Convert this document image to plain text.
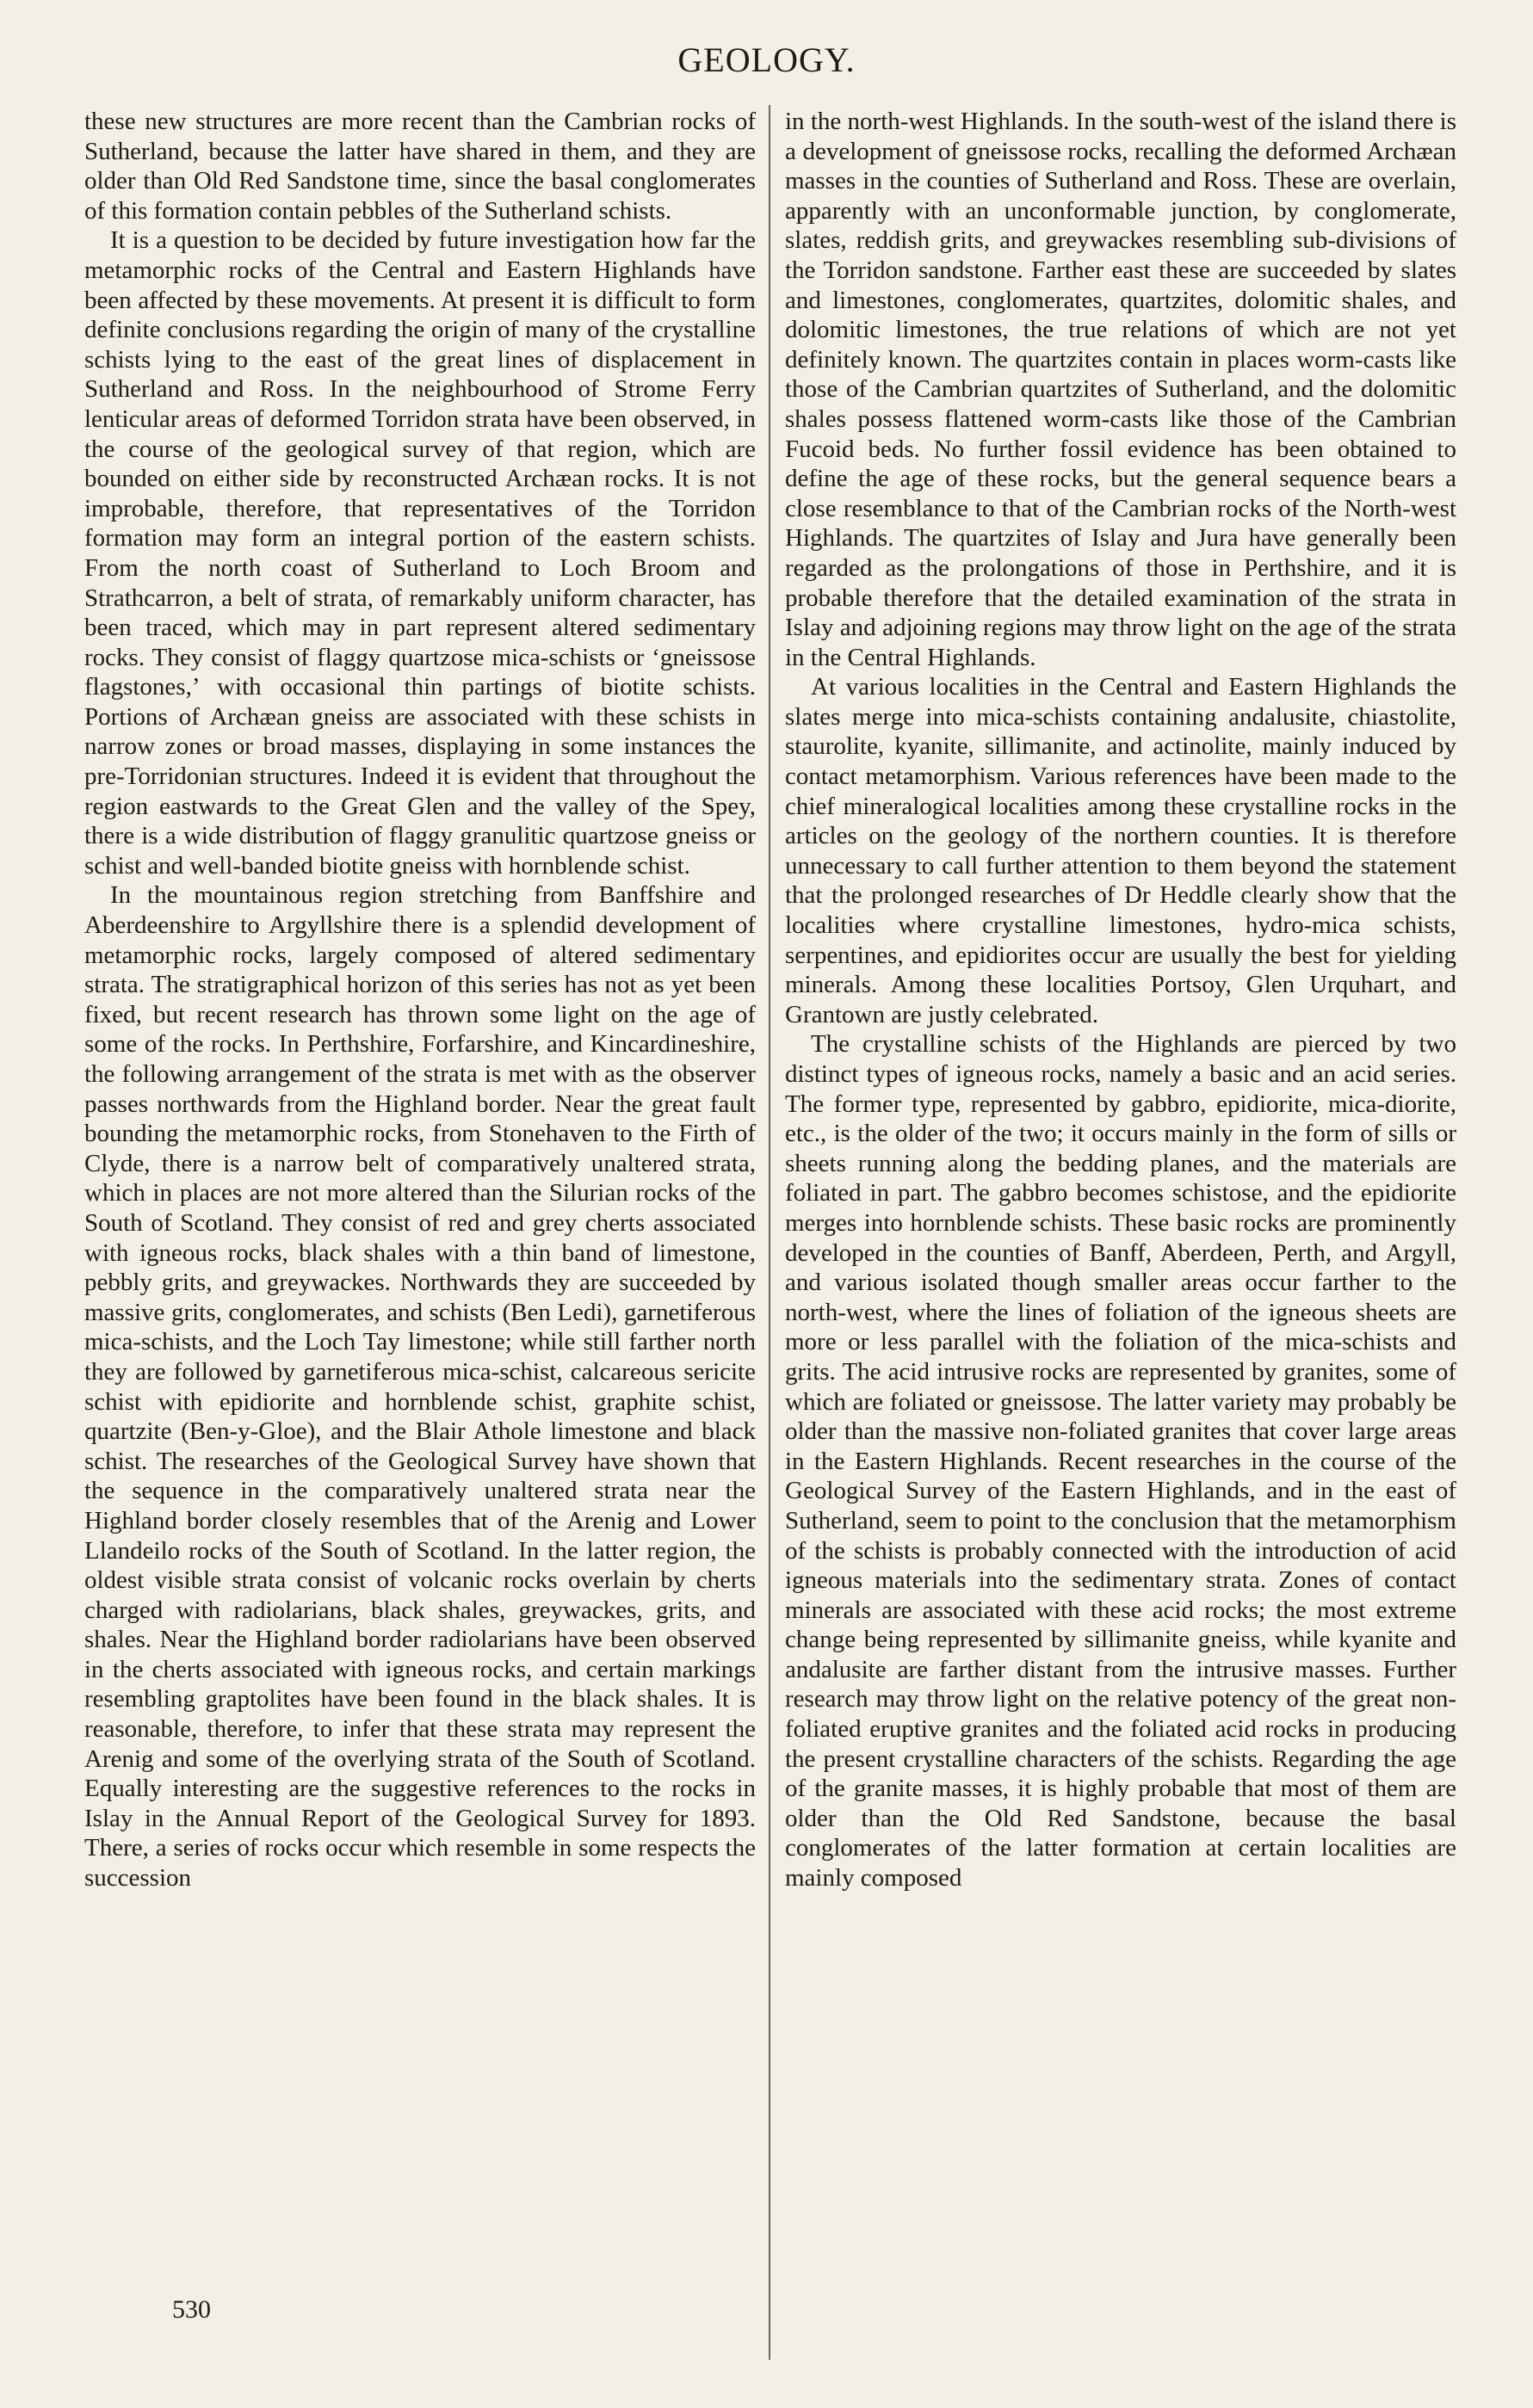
GEOLOGY.

these new structures are more recent than the Cambrian rocks of Sutherland, because the latter have shared in them, and they are older than Old Red Sandstone time, since the basal conglomerates of this formation contain pebbles of the Sutherland schists.

It is a question to be decided by future investigation how far the metamorphic rocks of the Central and Eastern Highlands have been affected by these movements. At present it is difficult to form definite conclusions regarding the origin of many of the crystalline schists lying to the east of the great lines of displacement in Sutherland and Ross. In the neighbourhood of Strome Ferry lenticular areas of deformed Torridon strata have been observed, in the course of the geological survey of that region, which are bounded on either side by reconstructed Archæan rocks. It is not improbable, therefore, that representatives of the Torridon formation may form an integral portion of the eastern schists. From the north coast of Sutherland to Loch Broom and Strathcarron, a belt of strata, of remarkably uniform character, has been traced, which may in part represent altered sedimentary rocks. They consist of flaggy quartzose mica-schists or ‘gneissose flagstones,’ with occasional thin partings of biotite schists. Portions of Archæan gneiss are associated with these schists in narrow zones or broad masses, displaying in some instances the pre-Torridonian structures. Indeed it is evident that throughout the region eastwards to the Great Glen and the valley of the Spey, there is a wide distribution of flaggy granulitic quartzose gneiss or schist and well-banded biotite gneiss with hornblende schist.

In the mountainous region stretching from Banffshire and Aberdeenshire to Argyllshire there is a splendid development of metamorphic rocks, largely composed of altered sedimentary strata. The stratigraphical horizon of this series has not as yet been fixed, but recent research has thrown some light on the age of some of the rocks. In Perthshire, Forfarshire, and Kincardineshire, the following arrangement of the strata is met with as the observer passes northwards from the Highland border. Near the great fault bounding the metamorphic rocks, from Stonehaven to the Firth of Clyde, there is a narrow belt of comparatively unaltered strata, which in places are not more altered than the Silurian rocks of the South of Scotland. They consist of red and grey cherts associated with igneous rocks, black shales with a thin band of limestone, pebbly grits, and greywackes. Northwards they are succeeded by massive grits, conglomerates, and schists (Ben Ledi), garnetiferous mica-schists, and the Loch Tay limestone; while still farther north they are followed by garnetiferous mica-schist, calcareous sericite schist with epidiorite and hornblende schist, graphite schist, quartzite (Ben-y-Gloe), and the Blair Athole limestone and black schist. The researches of the Geological Survey have shown that the sequence in the comparatively unaltered strata near the Highland border closely resembles that of the Arenig and Lower Llandeilo rocks of the South of Scotland. In the latter region, the oldest visible strata consist of volcanic rocks overlain by cherts charged with radiolarians, black shales, greywackes, grits, and shales. Near the Highland border radiolarians have been observed in the cherts associated with igneous rocks, and certain markings resembling graptolites have been found in the black shales. It is reasonable, therefore, to infer that these strata may represent the Arenig and some of the overlying strata of the South of Scotland. Equally interesting are the suggestive references to the rocks in Islay in the Annual Report of the Geological Survey for 1893. There, a series of rocks occur which resemble in some respects the succession

in the north-west Highlands. In the south-west of the island there is a development of gneissose rocks, recalling the deformed Archæan masses in the counties of Sutherland and Ross. These are overlain, apparently with an unconformable junction, by conglomerate, slates, reddish grits, and greywackes resembling sub-divisions of the Torridon sandstone. Farther east these are succeeded by slates and limestones, conglomerates, quartzites, dolomitic shales, and dolomitic limestones, the true relations of which are not yet definitely known. The quartzites contain in places worm-casts like those of the Cambrian quartzites of Sutherland, and the dolomitic shales possess flattened worm-casts like those of the Cambrian Fucoid beds. No further fossil evidence has been obtained to define the age of these rocks, but the general sequence bears a close resemblance to that of the Cambrian rocks of the North-west Highlands. The quartzites of Islay and Jura have generally been regarded as the prolongations of those in Perthshire, and it is probable therefore that the detailed examination of the strata in Islay and adjoining regions may throw light on the age of the strata in the Central Highlands.

At various localities in the Central and Eastern Highlands the slates merge into mica-schists containing andalusite, chiastolite, staurolite, kyanite, sillimanite, and actinolite, mainly induced by contact metamorphism. Various references have been made to the chief mineralogical localities among these crystalline rocks in the articles on the geology of the northern counties. It is therefore unnecessary to call further attention to them beyond the statement that the prolonged researches of Dr Heddle clearly show that the localities where crystalline limestones, hydro-mica schists, serpentines, and epidiorites occur are usually the best for yielding minerals. Among these localities Portsoy, Glen Urquhart, and Grantown are justly celebrated.

The crystalline schists of the Highlands are pierced by two distinct types of igneous rocks, namely a basic and an acid series. The former type, represented by gabbro, epidiorite, mica-diorite, etc., is the older of the two; it occurs mainly in the form of sills or sheets running along the bedding planes, and the materials are foliated in part. The gabbro becomes schistose, and the epidiorite merges into hornblende schists. These basic rocks are prominently developed in the counties of Banff, Aberdeen, Perth, and Argyll, and various isolated though smaller areas occur farther to the north-west, where the lines of foliation of the igneous sheets are more or less parallel with the foliation of the mica-schists and grits. The acid intrusive rocks are represented by granites, some of which are foliated or gneissose. The latter variety may probably be older than the massive non-foliated granites that cover large areas in the Eastern Highlands. Recent researches in the course of the Geological Survey of the Eastern Highlands, and in the east of Sutherland, seem to point to the conclusion that the metamorphism of the schists is probably connected with the introduction of acid igneous materials into the sedimentary strata. Zones of contact minerals are associated with these acid rocks; the most extreme change being represented by sillimanite gneiss, while kyanite and andalusite are farther distant from the intrusive masses. Further research may throw light on the relative potency of the great non-foliated eruptive granites and the foliated acid rocks in producing the present crystalline characters of the schists. Regarding the age of the granite masses, it is highly probable that most of them are older than the Old Red Sandstone, because the basal conglomerates of the latter formation at certain localities are mainly composed

530
